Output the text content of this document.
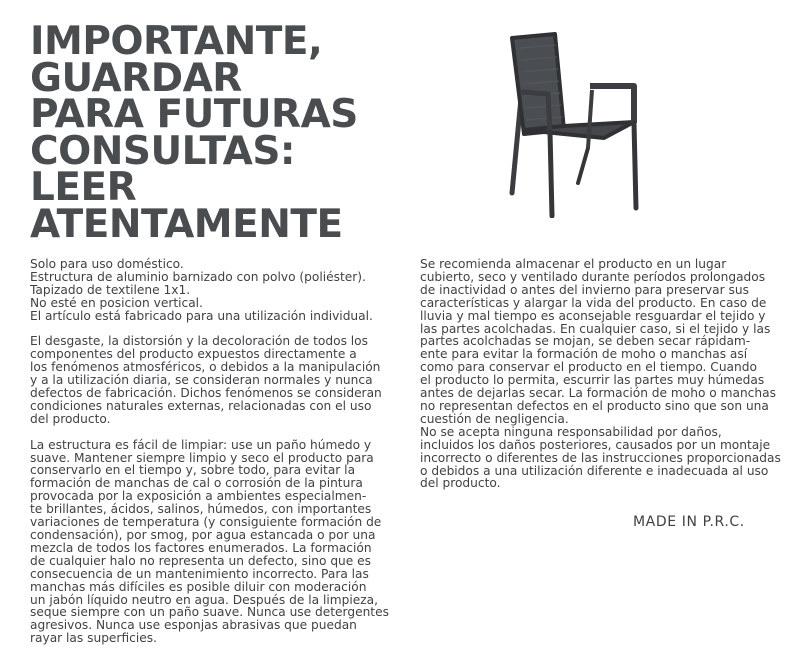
IMPORTANTE,
GUARDAR
PARA FUTURAS
CONSULTAS:
LEER
ATENTAMENTE

Solo para uso doméstico.
Estructura de aluminio barnizado con polvo (poliéster).
Tapizado de textilene 1x1.
No esté en posicion vertical.
El artículo está fabricado para una utilización individual.

El desgaste, la distorsión y la decoloración de todos los
componentes del producto expuestos directamente a
los fenómenos atmosféricos, o debidos a la manipulación
y a la utilización diaria, se consideran normales y nunca
defectos de fabricación. Dichos fenómenos se consideran
condiciones naturales externas, relacionadas con el uso
del producto.

La estructura es fácil de limpiar: use un paño húmedo y
suave. Mantener siempre limpio y seco el producto para
conservarlo en el tiempo y, sobre todo, para evitar la
formación de manchas de cal o corrosión de la pintura
provocada por la exposición a ambientes especialmen-
te brillantes, ácidos, salinos, húmedos, con importantes
variaciones de temperatura (y consiguiente formación de
condensación), por smog, por agua estancada o por una
mezcla de todos los factores enumerados. La formación
de cualquier halo no representa un defecto, sino que es
consecuencia de un mantenimiento incorrecto. Para las
manchas más difíciles es posible diluir con moderación
un jabón líquido neutro en agua. Después de la limpieza,
seque siempre con un paño suave. Nunca use detergentes
agresivos. Nunca use esponjas abrasivas que puedan
rayar las superficies.

Se recomienda almacenar el producto en un lugar
cubierto, seco y ventilado durante períodos prolongados
de inactividad o antes del invierno para preservar sus
características y alargar la vida del producto. En caso de
lluvia y mal tiempo es aconsejable resguardar el tejido y
las partes acolchadas. En cualquier caso, si el tejido y las
partes acolchadas se mojan, se deben secar rápidam-
ente para evitar la formación de moho o manchas así
como para conservar el producto en el tiempo. Cuando
el producto lo permita, escurrir las partes muy húmedas
antes de dejarlas secar. La formación de moho o manchas
no representan defectos en el producto sino que son una
cuestión de negligencia.
No se acepta ninguna responsabilidad por daños,
incluidos los daños posteriores, causados por un montaje
incorrecto o diferentes de las instrucciones proporcionadas
o debidos a una utilización diferente e inadecuada al uso
del producto.

MADE IN P.R.C.
